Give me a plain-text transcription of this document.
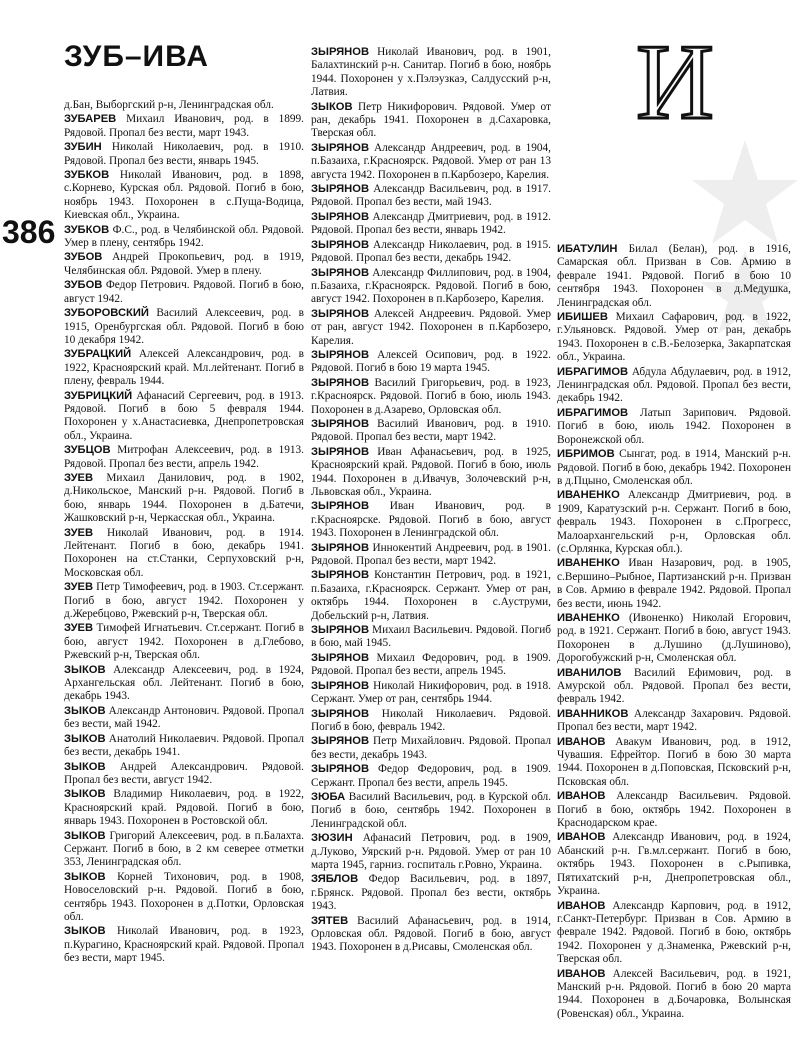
ЗУБ–ИВА
386
И

д.Бан, Выборгский р-н, Ленинградская обл.

ЗУБАРЕВ Михаил Иванович, род. в 1899. Рядовой. Пропал без вести, март 1943.

ЗУБИН Николай Николаевич, род. в 1910. Рядовой. Пропал без вести, январь 1945.

ЗУБКОВ Николай Иванович, род. в 1898, с.Корнево, Курская обл. Рядовой. Погиб в бою, ноябрь 1943. Похоронен в с.Пуща-Водица, Киевская обл., Украина.

ЗУБКОВ Ф.С., род. в Челябинской обл. Рядовой. Умер в плену, сентябрь 1942.

ЗУБОВ Андрей Прокопьевич, род. в 1919, Челябинская обл. Рядовой. Умер в плену.

ЗУБОВ Федор Петрович. Рядовой. Погиб в бою, август 1942.

ЗУБОРОВСКИЙ Василий Алексеевич, род. в 1915, Оренбургская обл. Рядовой. Погиб в бою 10 декабря 1942.

ЗУБРАЦКИЙ Алексей Александрович, род. в 1922, Красноярский край. Мл.лейтенант. Погиб в плену, февраль 1944.

ЗУБРИЦКИЙ Афанасий Сергеевич, род. в 1913. Рядовой. Погиб в бою 5 февраля 1944. Похоронен у х.Анастасиевка, Днепропетровская обл., Украина.

ЗУБЦОВ Митрофан Алексеевич, род. в 1913. Рядовой. Пропал без вести, апрель 1942.

ЗУЕВ Михаил Данилович, род. в 1902, д.Никольское, Манский р-н. Рядовой. Погиб в бою, январь 1944. Похоронен в д.Батечи, Жашковский р-н, Черкасская обл., Украина.

ЗУЕВ Николай Иванович, род. в 1914. Лейтенант. Погиб в бою, декабрь 1941. Похоронен на ст.Станки, Серпуховский р-н, Московская обл.

ЗУЕВ Петр Тимофеевич, род. в 1903. Ст.сержант. Погиб в бою, август 1942. Похоронен у д.Жеребцово, Ржевский р-н, Тверская обл.

ЗУЕВ Тимофей Игнатьевич. Ст.сержант. Погиб в бою, август 1942. Похоронен в д.Глебово, Ржевский р-н, Тверская обл.

ЗЫКОВ Александр Алексеевич, род. в 1924, Архангельская обл. Лейтенант. Погиб в бою, декабрь 1943.

ЗЫКОВ Александр Антонович. Рядовой. Пропал без вести, май 1942.

ЗЫКОВ Анатолий Николаевич. Рядовой. Пропал без вести, декабрь 1941.

ЗЫКОВ Андрей Александрович. Рядовой. Пропал без вести, август 1942.

ЗЫКОВ Владимир Николаевич, род. в 1922, Красноярский край. Рядовой. Погиб в бою, январь 1943. Похоронен в Ростовской обл.

ЗЫКОВ Григорий Алексеевич, род. в п.Балахта. Сержант. Погиб в бою, в 2 км северее отметки 353, Ленинградская обл.

ЗЫКОВ Корней Тихонович, род. в 1908, Новоселовский р-н. Рядовой. Погиб в бою, сентябрь 1943. Похоронен в д.Потки, Орловская обл.

ЗЫКОВ Николай Иванович, род. в 1923, п.Курагино, Красноярский край. Рядовой. Пропал без вести, март 1945.

ЗЫРЯНОВ Николай Иванович, род. в 1901, Балахтинский р-н. Санитар. Погиб в бою, ноябрь 1944. Похоронен у х.Пэлэузкаэ, Салдусский р-н, Латвия.

ЗЫКОВ Петр Никифорович. Рядовой. Умер от ран, декабрь 1941. Похоронен в д.Сахаровка, Тверская обл.

ЗЫРЯНОВ Александр Андреевич, род. в 1904, п.Базаиха, г.Красноярск. Рядовой. Умер от ран 13 августа 1942. Похоронен в п.Карбозеро, Карелия.

ЗЫРЯНОВ Александр Васильевич, род. в 1917. Рядовой. Пропал без вести, май 1943.

ЗЫРЯНОВ Александр Дмитриевич, род. в 1912. Рядовой. Пропал без вести, январь 1942.

ЗЫРЯНОВ Александр Николаевич, род. в 1915. Рядовой. Пропал без вести, декабрь 1942.

ЗЫРЯНОВ Александр Филлипович, род. в 1904, п.Базаиха, г.Красноярск. Рядовой. Погиб в бою, август 1942. Похоронен в п.Карбозеро, Карелия.

ЗЫРЯНОВ Алексей Андреевич. Рядовой. Умер от ран, август 1942. Похоронен в п.Карбозеро, Карелия.

ЗЫРЯНОВ Алексей Осипович, род. в 1922. Рядовой. Погиб в бою 19 марта 1945.

ЗЫРЯНОВ Василий Григорьевич, род. в 1923, г.Красноярск. Рядовой. Погиб в бою, июль 1943. Похоронен в д.Азарево, Орловская обл.

ЗЫРЯНОВ Василий Иванович, род. в 1910. Рядовой. Пропал без вести, март 1942.

ЗЫРЯНОВ Иван Афанасьевич, род. в 1925, Красноярский край. Рядовой. Погиб в бою, июль 1944. Похоронен в д.Ивачув, Золочевский р-н, Львовская обл., Украина.

ЗЫРЯНОВ Иван Иванович, род. в г.Красноярске. Рядовой. Погиб в бою, август 1943. Похоронен в Ленинградской обл.

ЗЫРЯНОВ Иннокентий Андреевич, род. в 1901. Рядовой. Пропал без вести, март 1942.

ЗЫРЯНОВ Константин Петрович, род. в 1921, п.Базаиха, г.Красноярск. Сержант. Умер от ран, октябрь 1944. Похоронен в с.Ауструми, Добельский р-н, Латвия.

ЗЫРЯНОВ Михаил Васильевич. Рядовой. Погиб в бою, май 1945.

ЗЫРЯНОВ Михаил Федорович, род. в 1909. Рядовой. Пропал без вести, апрель 1945.

ЗЫРЯНОВ Николай Никифорович, род. в 1918. Сержант. Умер от ран, сентябрь 1944.

ЗЫРЯНОВ Николай Николаевич. Рядовой. Погиб в бою, февраль 1942.

ЗЫРЯНОВ Петр Михайлович. Рядовой. Пропал без вести, декабрь 1943.

ЗЫРЯНОВ Федор Федорович, род. в 1909. Сержант. Пропал без вести, апрель 1945.

ЗЮБА Василий Васильевич, род. в Курской обл. Погиб в бою, сентябрь 1942. Похоронен в Ленинградской обл.

ЗЮЗИН Афанасий Петрович, род. в 1909, д.Луково, Уярский р-н. Рядовой. Умер от ран 10 марта 1945, гарниз. госпиталь г.Ровно, Украина.

ЗЯБЛОВ Федор Васильевич, род. в 1897, г.Брянск. Рядовой. Пропал без вести, октябрь 1943.

ЗЯТЕВ Василий Афанасьевич, род. в 1914, Орловская обл. Рядовой. Погиб в бою, август 1943. Похоронен в д.Рисавы, Смоленская обл.

ИБАТУЛИН Билал (Белан), род. в 1916, Самарская обл. Призван в Сов. Армию в феврале 1941. Рядовой. Погиб в бою 10 сентября 1943. Похоронен в д.Медушка, Ленинградская обл.

ИБИШЕВ Михаил Сафарович, род. в 1922, г.Ульяновск. Рядовой. Умер от ран, декабрь 1943. Похоронен в с.В.-Белозерка, Закарпатская обл., Украина.

ИБРАГИМОВ Абдула Абдулаевич, род. в 1912, Ленинградская обл. Рядовой. Пропал без вести, декабрь 1942.

ИБРАГИМОВ Латып Зарипович. Рядовой. Погиб в бою, июль 1942. Похоронен в Воронежской обл.

ИБРИМОВ Сынгат, род. в 1914, Манский р-н. Рядовой. Погиб в бою, декабрь 1942. Похоронен в д.Пцыно, Смоленская обл.

ИВАНЕНКО Александр Дмитриевич, род. в 1909, Каратузский р-н. Сержант. Погиб в бою, февраль 1943. Похоронен в с.Прогресс, Малоархангельский р-н, Орловская обл. (с.Орлянка, Курская обл.).

ИВАНЕНКО Иван Назарович, род. в 1905, с.Вершино–Рыбное, Партизанский р-н. Призван в Сов. Армию в феврале 1942. Рядовой. Пропал без вести, июнь 1942.

ИВАНЕНКО (Ивоненко) Николай Егорович, род. в 1921. Сержант. Погиб в бою, август 1943. Похоронен в д.Лушино (д.Лушиново), Дорогобужский р-н, Смоленская обл.

ИВАНИЛОВ Василий Ефимович, род. в Амурской обл. Рядовой. Пропал без вести, февраль 1942.

ИВАННИКОВ Александр Захарович. Рядовой. Пропал без вести, март 1942.

ИВАНОВ Авакум Иванович, род. в 1912, Чувашия. Ефрейтор. Погиб в бою 30 марта 1944. Похоронен в д.Поповская, Псковский р-н, Псковская обл.

ИВАНОВ Александр Васильевич. Рядовой. Погиб в бою, октябрь 1942. Похоронен в Краснодарском крае.

ИВАНОВ Александр Иванович, род. в 1924, Абанский р-н. Гв.мл.сержант. Погиб в бою, октябрь 1943. Похоронен в с.Рыпивка, Пятихатский р-н, Днепропетровская обл., Украина.

ИВАНОВ Александр Карпович, род. в 1912, г.Санкт-Петербург. Призван в Сов. Армию в феврале 1942. Рядовой. Погиб в бою, октябрь 1942. Похоронен у д.Знаменка, Ржевский р-н, Тверская обл.

ИВАНОВ Алексей Васильевич, род. в 1921, Манский р-н. Рядовой. Погиб в бою 20 марта 1944. Похоронен в д.Бочаровка, Волынская (Ровенская) обл., Украина.
